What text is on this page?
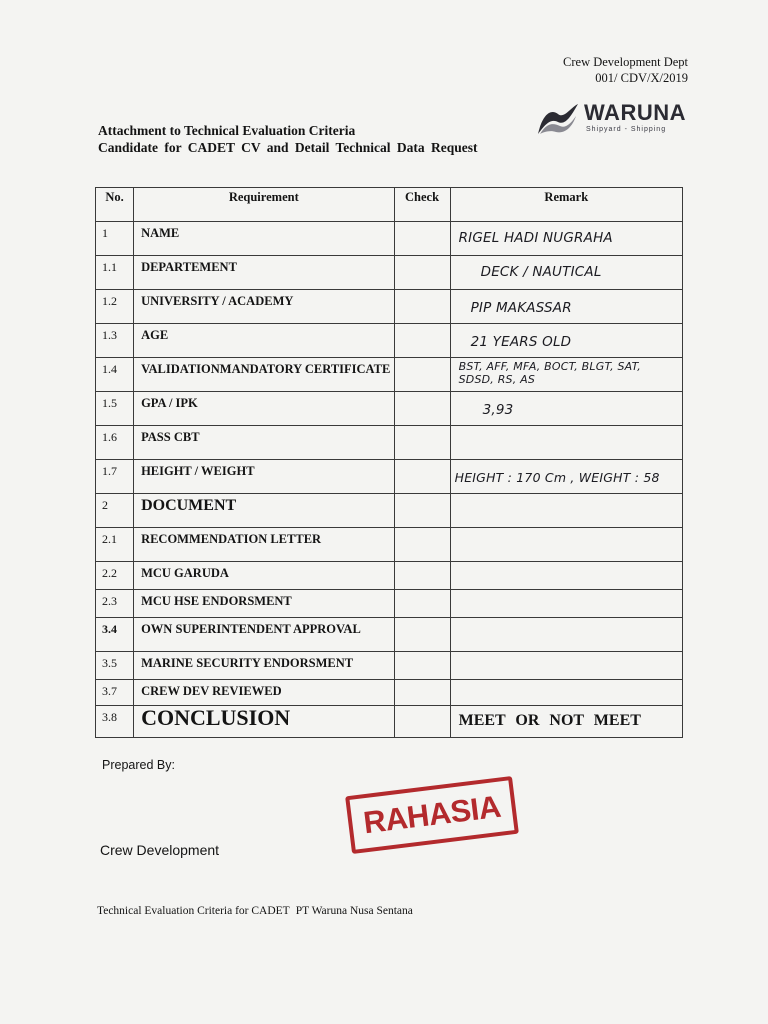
Crew Development Dept
001/ CDV/X/2019
WARUNA
Shipyard - Shipping
Attachment to Technical Evaluation Criteria
Candidate for CADET CV and Detail Technical Data Request
No.	Requirement	Check	Remark
1	NAME		RIGEL HADI NUGRAHA

1.1	DEPARTEMENT		DECK / NAUTICAL

1.2	UNIVERSITY / ACADEMY		PIP MAKASSAR

1.3	AGE		21 YEARS OLD

1.4	VALIDATIONMANDATORY CERTIFICATE		BST, AFF, MFA, BOCT, BLGT, SAT, SDSD, RS, AS

1.5	GPA / IPK		3,93

1.6	PASS CBT		

1.7	HEIGHT / WEIGHT		HEIGHT : 170 Cm , WEIGHT : 58

2	DOCUMENT		

2.1	RECOMMENDATION LETTER		

2.2	MCU GARUDA		

2.3	MCU HSE ENDORSMENT		

3.4	OWN SUPERINTENDENT APPROVAL		

3.5	MARINE SECURITY ENDORSMENT		

3.7	CREW DEV REVIEWED		

3.8	CONCLUSION		MEET OR NOT MEET
Prepared By:
RAHASIA
Crew Development
Technical Evaluation Criteria for CADET PT Waruna Nusa Sentana
